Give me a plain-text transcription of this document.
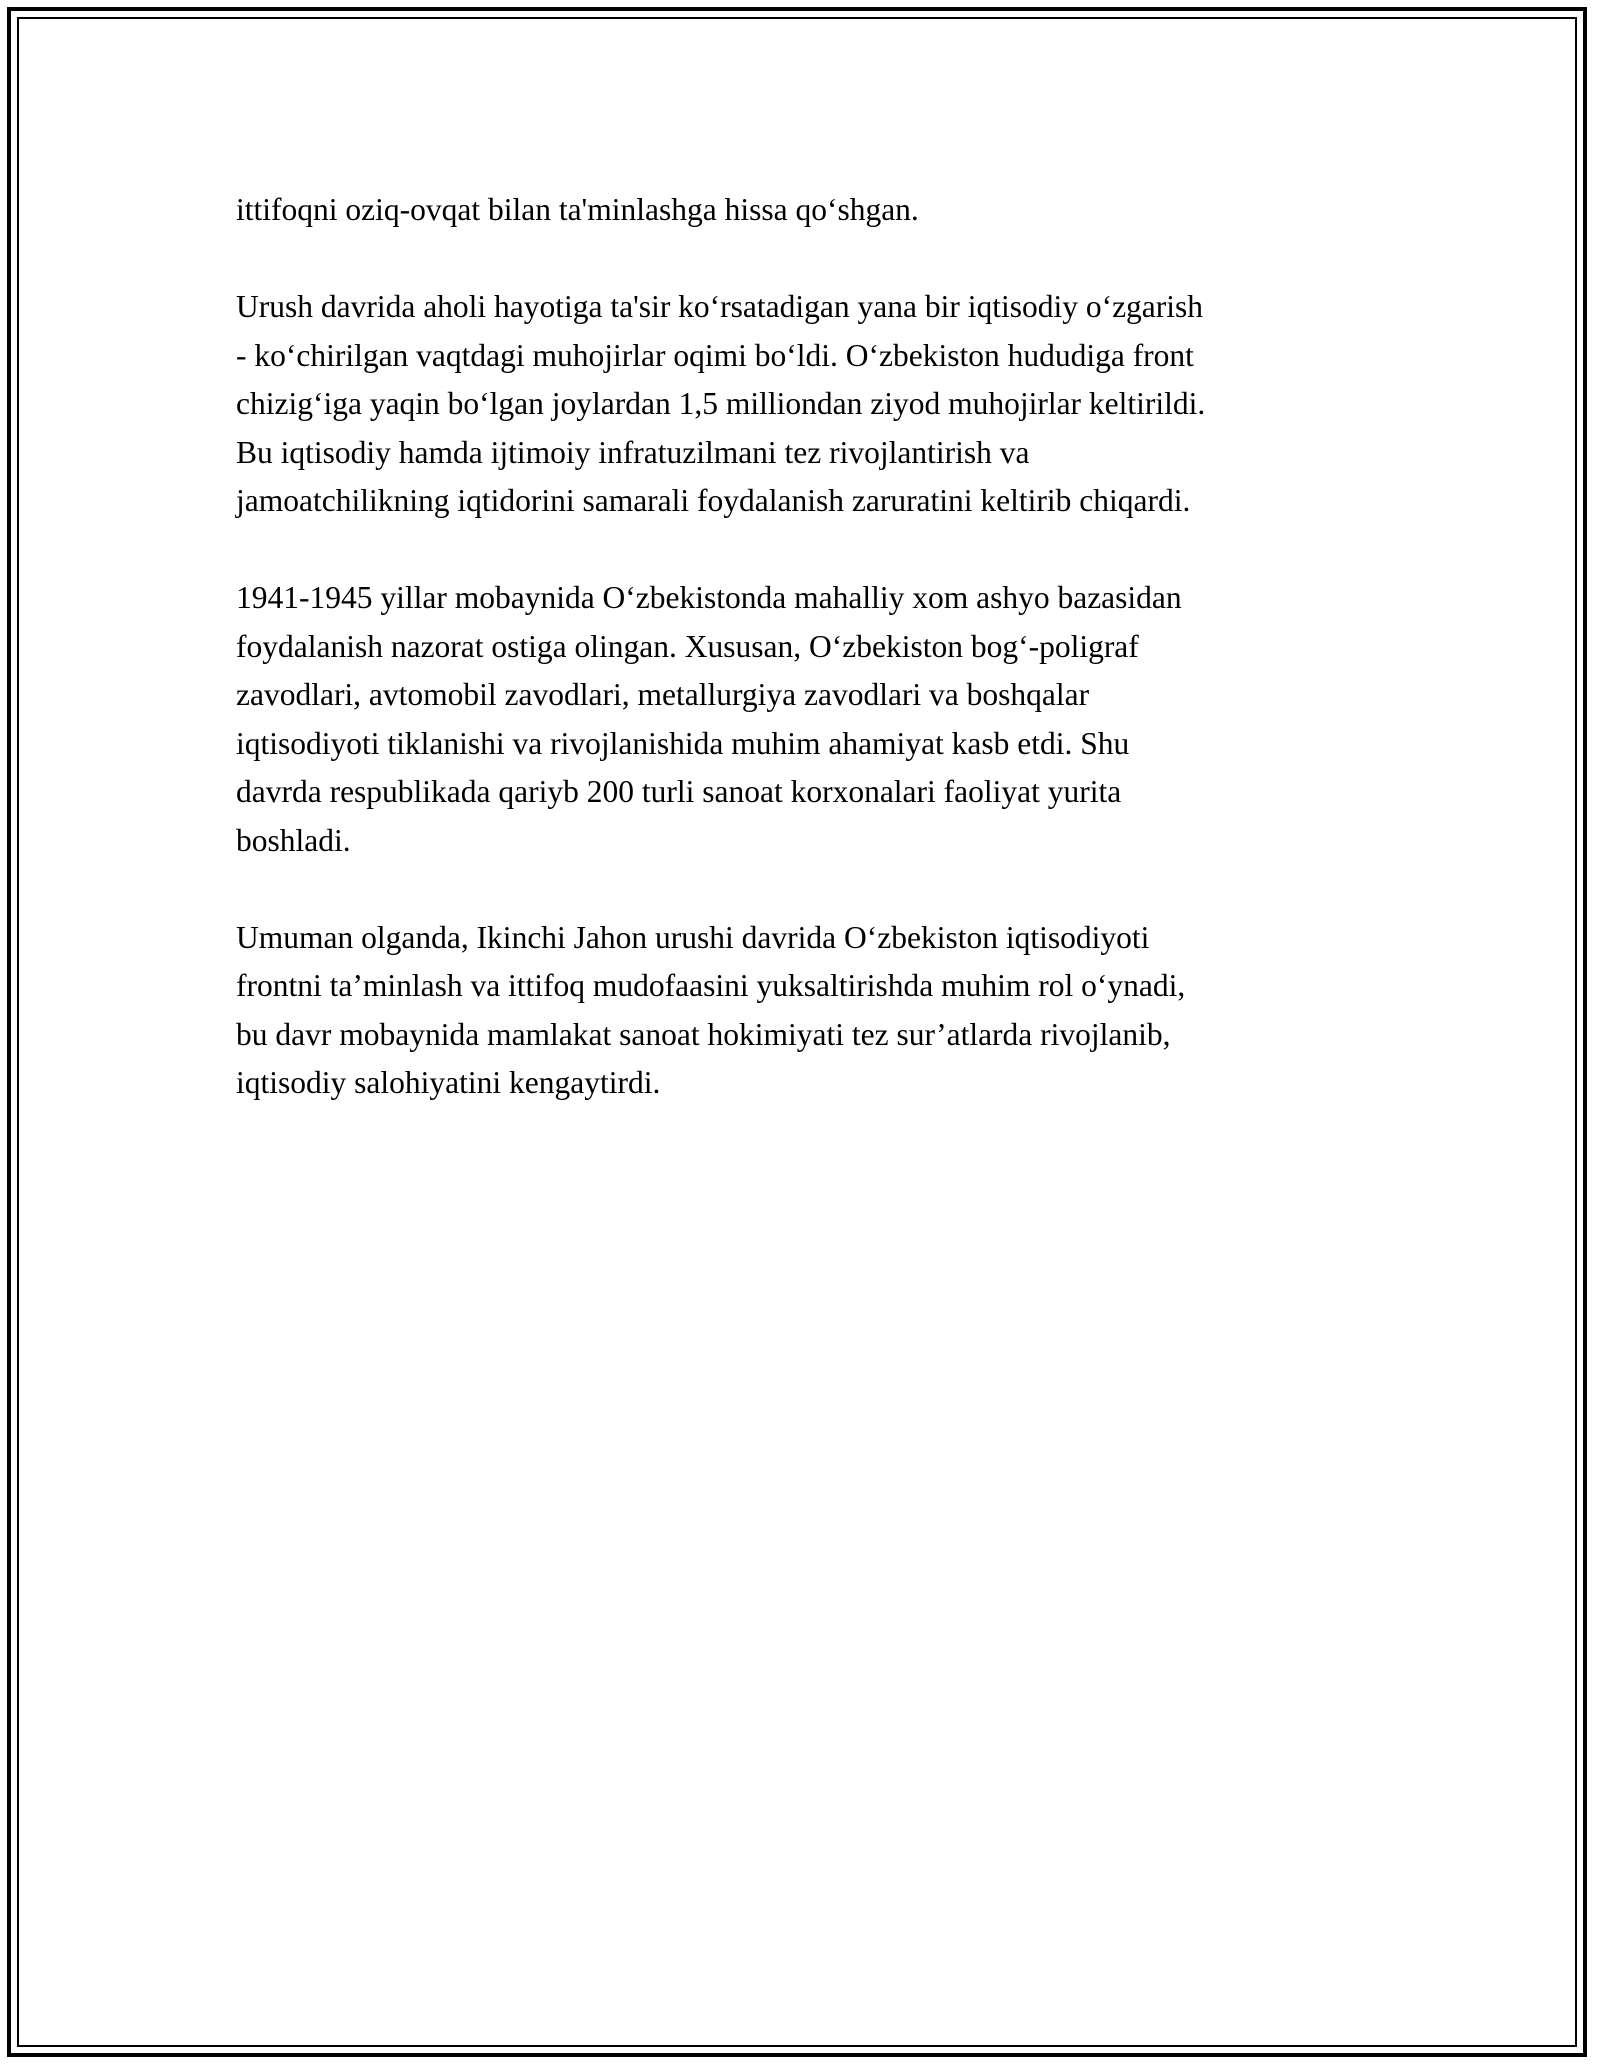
ittifoqni oziq-ovqat bilan ta'minlashga hissa qo‘shgan.

Urush davrida aholi hayotiga ta'sir ko‘rsatadigan yana bir iqtisodiy o‘zgarish
- ko‘chirilgan vaqtdagi muhojirlar oqimi bo‘ldi. O‘zbekiston hududiga front
chizig‘iga yaqin bo‘lgan joylardan 1,5 milliondan ziyod muhojirlar keltirildi.
Bu iqtisodiy hamda ijtimoiy infratuzilmani tez rivojlantirish va
jamoatchilikning iqtidorini samarali foydalanish zaruratini keltirib chiqardi.

1941-1945 yillar mobaynida O‘zbekistonda mahalliy xom ashyo bazasidan
foydalanish nazorat ostiga olingan. Xususan, O‘zbekiston bog‘-poligraf
zavodlari, avtomobil zavodlari, metallurgiya zavodlari va boshqalar
iqtisodiyoti tiklanishi va rivojlanishida muhim ahamiyat kasb etdi. Shu
davrda respublikada qariyb 200 turli sanoat korxonalari faoliyat yurita
boshladi.

Umuman olganda, Ikinchi Jahon urushi davrida O‘zbekiston iqtisodiyoti
frontni ta’minlash va ittifoq mudofaasini yuksaltirishda muhim rol o‘ynadi,
bu davr mobaynida mamlakat sanoat hokimiyati tez sur’atlarda rivojlanib,
iqtisodiy salohiyatini kengaytirdi.
